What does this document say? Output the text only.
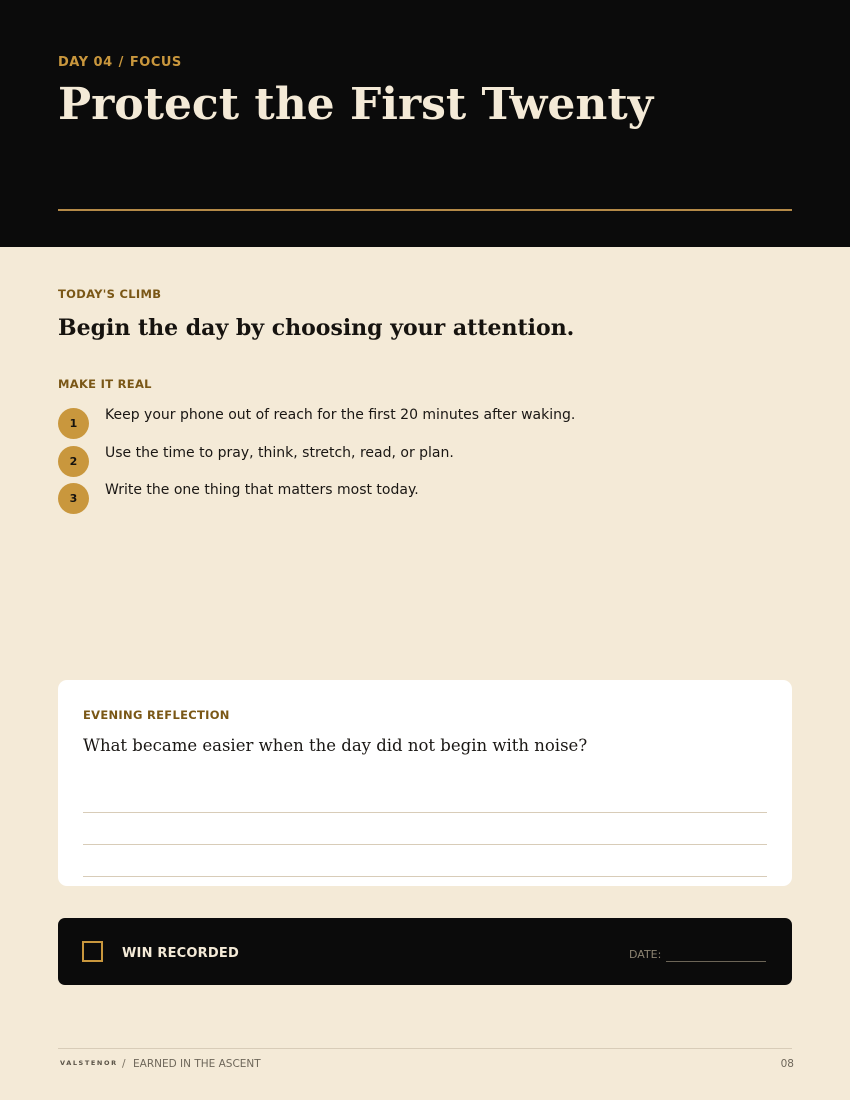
DAY 04 / FOCUS
Protect the First Twenty
TODAY'S CLIMB
Begin the day by choosing your attention.
MAKE IT REAL
1
Keep your phone out of reach for the first 20 minutes after waking.
2
Use the time to pray, think, stretch, read, or plan.
3
Write the one thing that matters most today.
EVENING REFLECTION

What became easier when the day did not begin with noise?

WIN RECORDED	DATE:
VALSTENOR / EARNED IN THE ASCENT	08
